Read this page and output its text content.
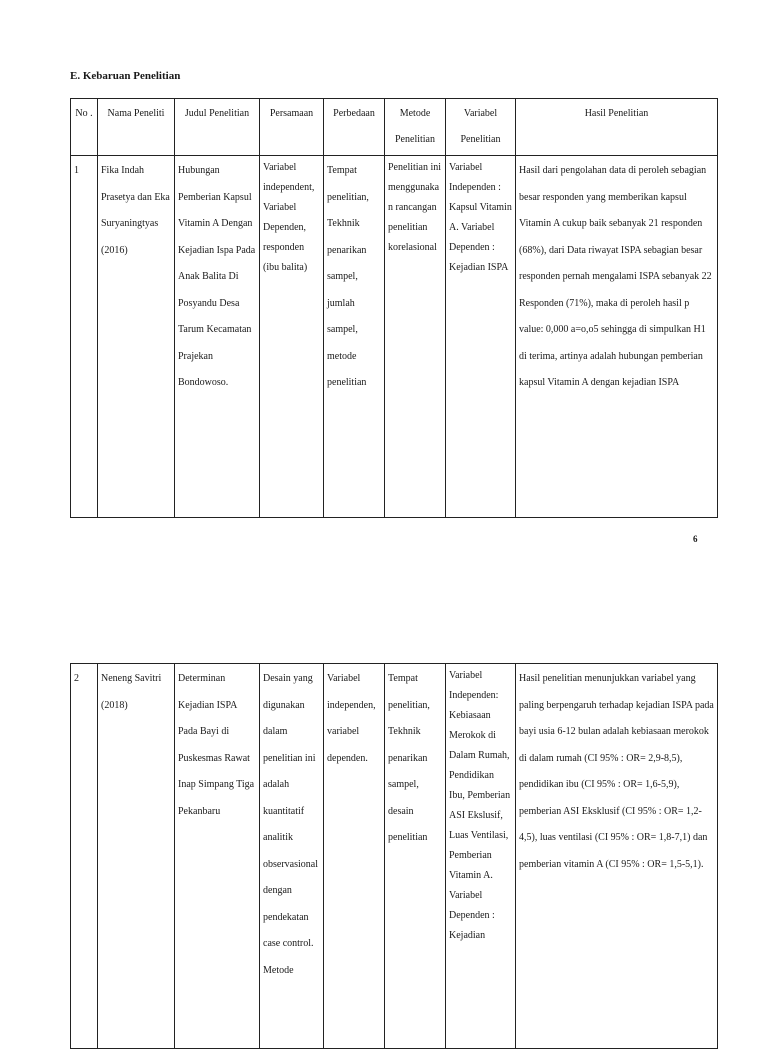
E. Kebaruan Penelitian
No .	Nama Peneliti	Judul Penelitian	Persamaan	Perbedaan	Metode Penelitian	Variabel Penelitian	Hasil Penelitian
1	Fika Indah Prasetya dan Eka Suryaningtyas (2016)	Hubungan Pemberian Kapsul Vitamin A Dengan Kejadian Ispa Pada Anak Balita Di Posyandu Desa Tarum Kecamatan Prajekan Bondowoso.	Variabel independent, Variabel Dependen, responden (ibu balita)	Tempat penelitian, Tekhnik penarikan sampel, jumlah sampel, metode penelitian	Penelitian ini menggunakan rancangan penelitian korelasional	Variabel Independen : Kapsul Vitamin A. Variabel Dependen : Kejadian ISPA	Hasil dari pengolahan data di peroleh sebagian besar responden yang memberikan kapsul Vitamin A cukup baik sebanyak 21 responden (68%), dari Data riwayat ISPA sebagian besar responden pernah mengalami ISPA sebanyak 22 Responden (71%), maka di peroleh hasil p value: 0,000 a=o,o5 sehingga di simpulkan H1 di terima, artinya adalah hubungan pemberian kapsul Vitamin A dengan kejadian ISPA
6
2	Neneng Savitri (2018)	Determinan Kejadian ISPA Pada Bayi di Puskesmas Rawat Inap Simpang Tiga Pekanbaru	Desain yang digunakan dalam penelitian ini adalah kuantitatif analitik observasional dengan pendekatan case control. Metode	Variabel independen, variabel dependen.	Tempat penelitian, Tekhnik penarikan sampel, desain penelitian	Variabel Independen: Kebiasaan Merokok di Dalam Rumah, Pendidikan Ibu, Pemberian ASI Ekslusif, Luas Ventilasi, Pemberian Vitamin A. Variabel Dependen : Kejadian	Hasil penelitian menunjukkan variabel yang paling berpengaruh terhadap kejadian ISPA pada bayi usia 6-12 bulan adalah kebiasaan merokok di dalam rumah (CI 95% : OR= 2,9-8,5), pendidikan ibu (CI 95% : OR= 1,6-5,9), pemberian ASI Eksklusif (CI 95% : OR= 1,2-4,5), luas ventilasi (CI 95% : OR= 1,8-7,1) dan pemberian vitamin A (CI 95% : OR= 1,5-5,1).
